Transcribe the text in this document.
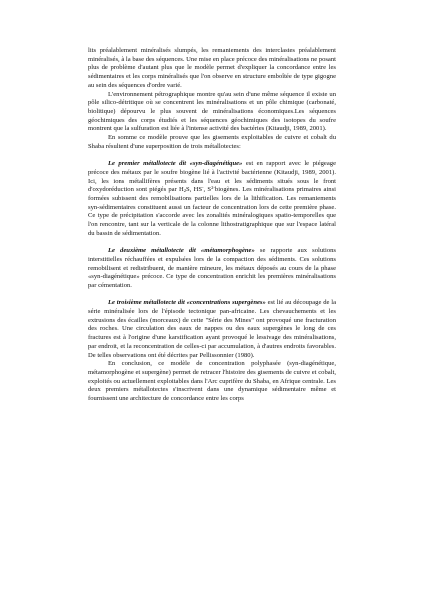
lits préalablement minéralisés slumpés, les remaniements des interclastes préalablement minéralisés, à la base des séquences. Une mise en place précoce des minéralisations ne posant plus de problème d'autant plus que le modèle permet d'expliquer la concordance entre les sédimentaires et les corps minéralisés que l'on observe en structure emboîtée de type gigogne au sein des séquences d'ordre varié.

L'environnement pétrographique montre qu'au sein d'une même séquence il existe un pôle silico-détritique où se concentrent les minéralisations et un pôle chimique (carbonaté, biolitique) dépourvu le plus souvent de minéralisations économiques.Les séquences géochimiques des corps étudiés et les séquences géochimiques des isotopes du soufre montrent que la sulfuration est liée à l'intense activité des bactéries (Kitaudji, 1989, 2001).

En somme ce modèle prouve que les gisements exploitables de cuivre et cobalt du Shaba résultent d'une superposition de trois métallotectes:

Le premier métallotecte dit «syn-diagénétique» est en rapport avec le piégeage précoce des métaux par le soufre biogène lié à l'activité bactérienne (Kitaudji, 1989, 2001). Ici, les ions métallifères présents dans l'eau et les sédiments situés sous le front d'oxydoréduction sont piégés par $H_2S$, HS-, $S^{2-}biogènes$. Les minéralisations primaires ainsi formées subissent des remobilisations partielles lors de la lithification. Les remaniements syn-sédimentaires constituent aussi un facteur de concentration lors de cette première phase. Ce type de précipitation s'accorde avec les zonalités minéralogiques spatio-temporelles que l'on rencontre, tant sur la verticale de la colonne lithostratigraphique que sur l'espace latéral du bassin de sédimentation.

Le deuxième métallotecte dit «métamorphogène» se rapporte aux solutions interstitielles réchauffées et expulsées lors de la compaction des sédiments. Ces solutions remobilisent et redistribuent, de manière mineure, les métaux déposés au cours de la phase «syn-diagénétique» précoce. Ce type de concentration enrichit les premières minéralisations par cémentation.

Le troisième métallotecte dit «concentrations supergènes» est lié au découpage de la série minéralisée lors de l'épisode tectonique pan-africaine. Les chevauchements et les extrusions des écailles (morceaux) de cette "Série des Mines" ont provoqué une fracturation des roches. Une circulation des eaux de nappes ou des eaux supergènes le long de ces fractures est à l'origine d'une karstification ayant provoqué le lessivage des minéralisations, par endroit, et la reconcentration de celles-ci par accumulation, à d'autres endroits favorables. De telles observations ont été décrites par Pellissonnier (1980).

En conclusion, ce modèle de concentration polyphasée (syn-diagénétique, métamorphogène et supergène) permet de retracer l'histoire des gisements de cuivre et cobalt, exploités ou actuellement exploitables dans l'Arc cuprifère du Shaba, en Afrique centrale. Les deux premiers métallotectes s'inscrivent dans une dynamique sédimentaire même et fournissent une architecture de concordance entre les corps
